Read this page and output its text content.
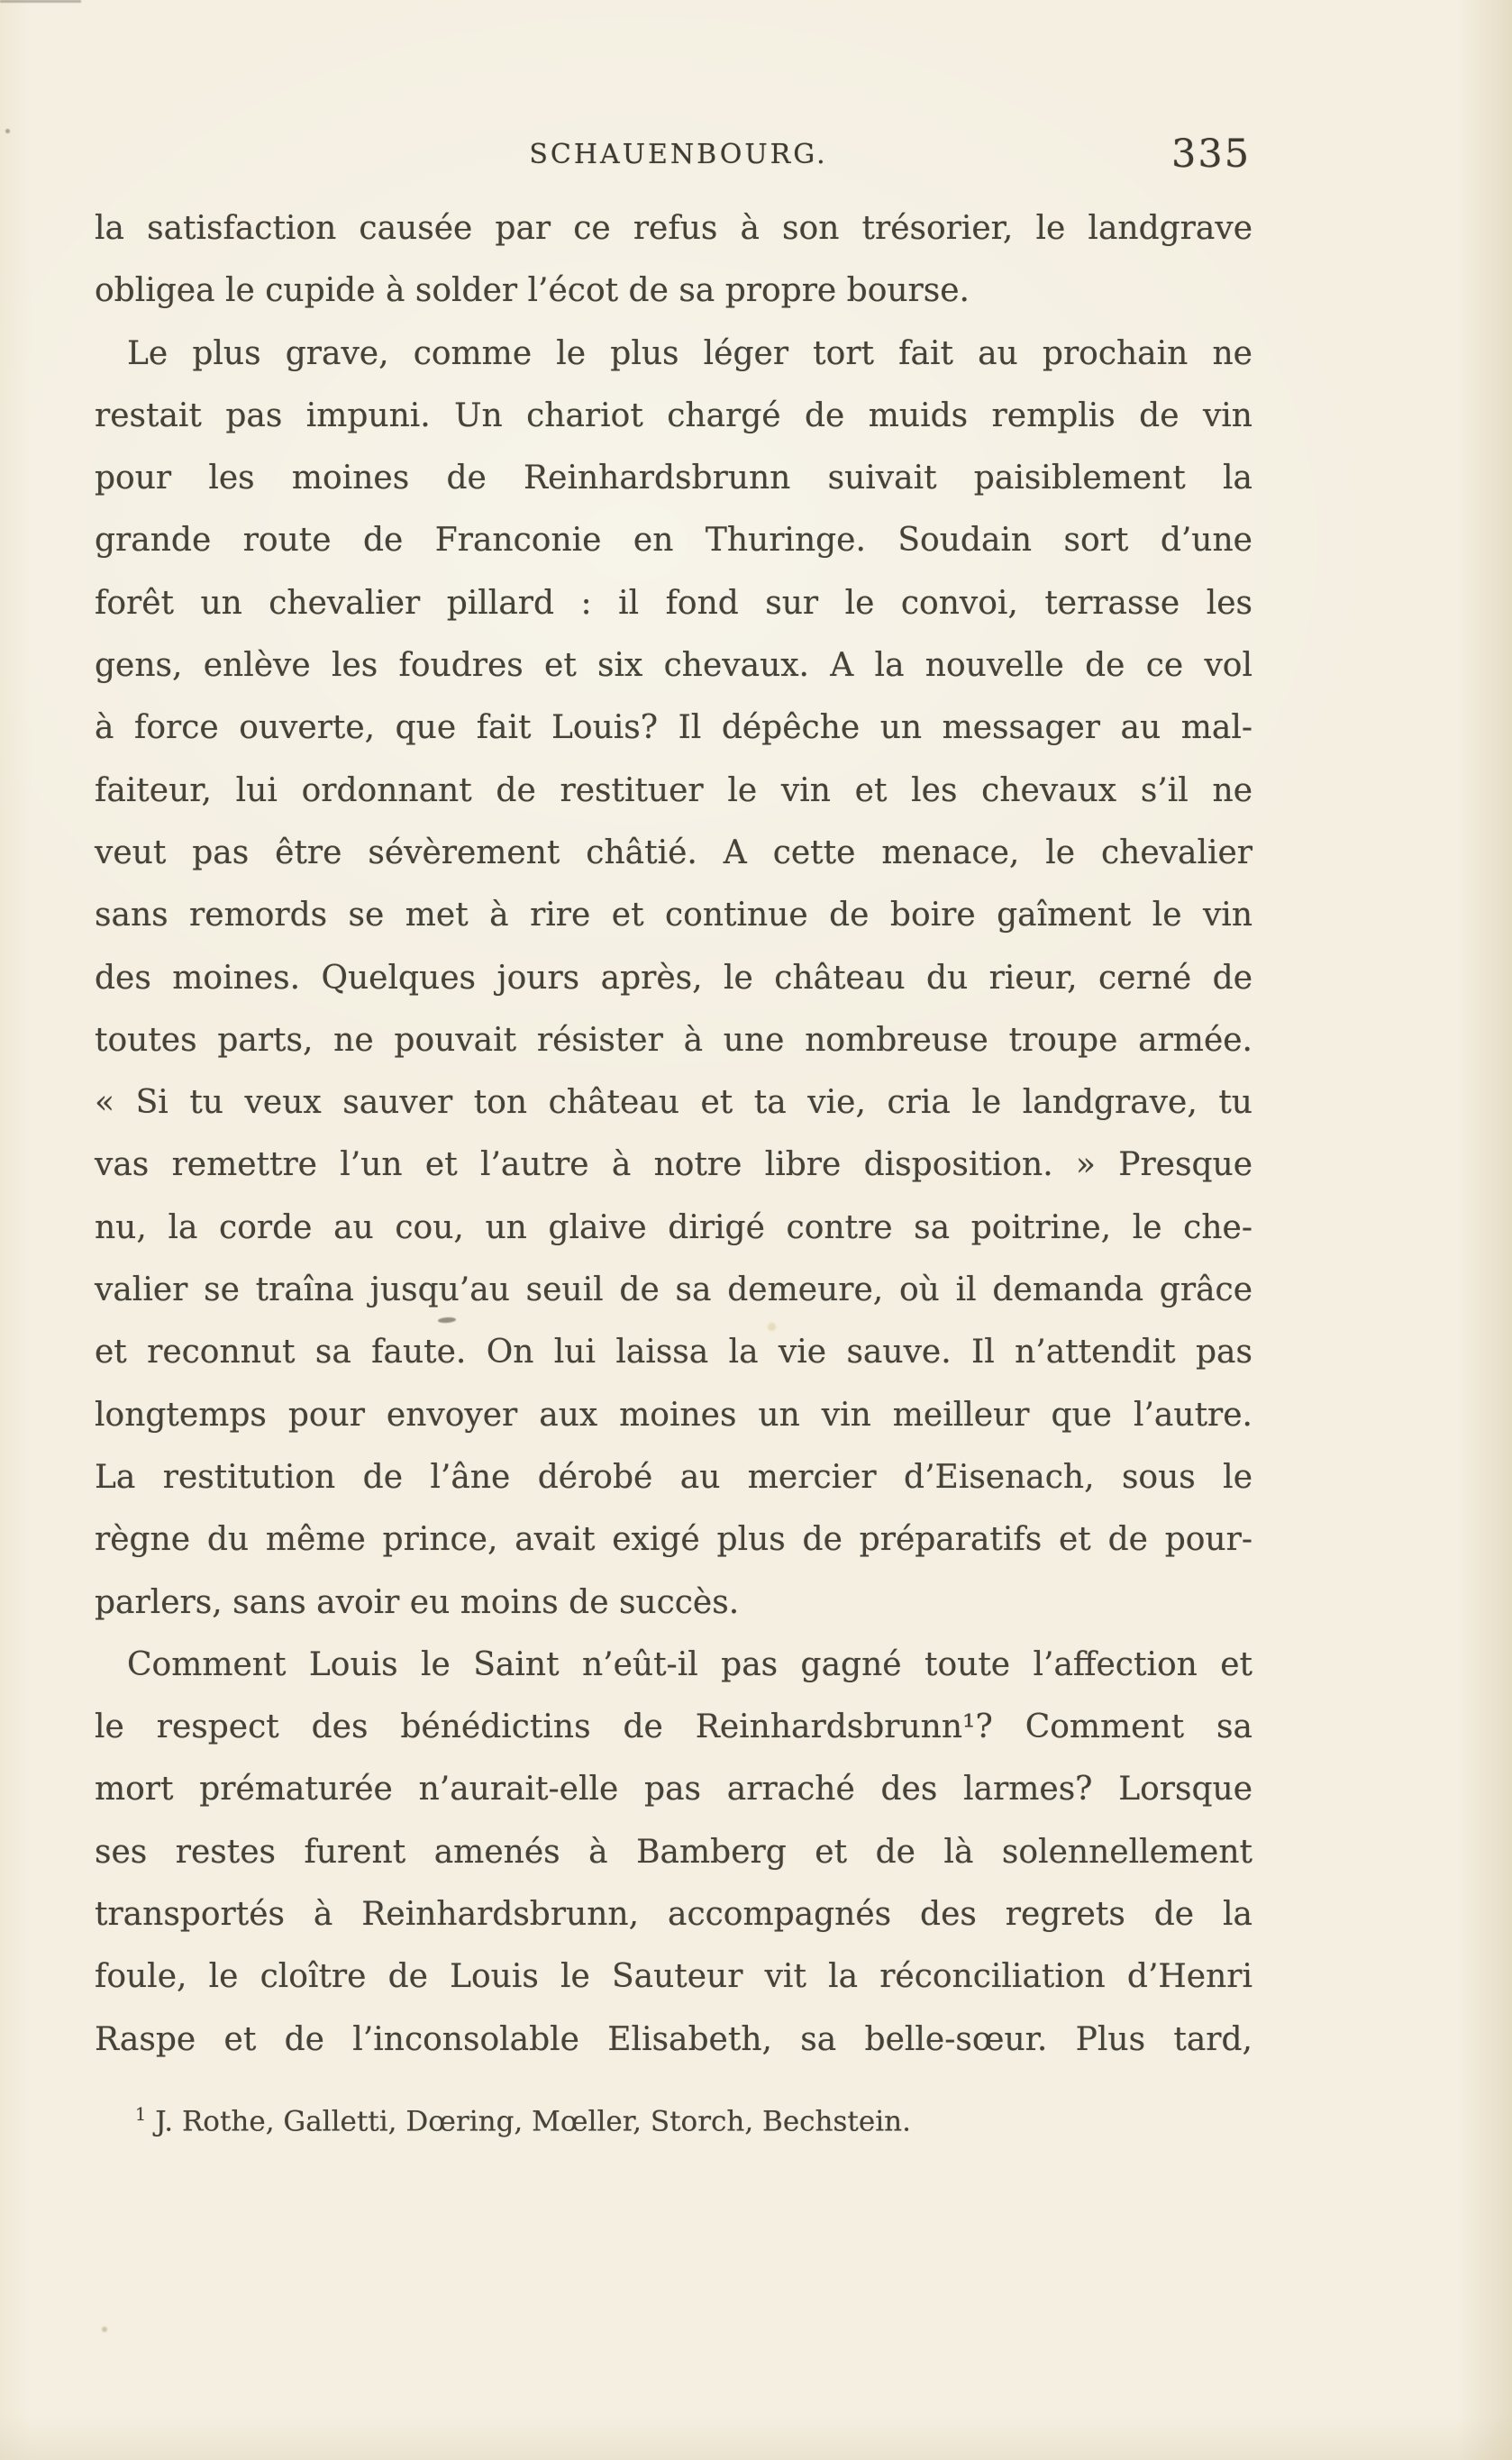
SCHAUENBOURG.	335
la satisfaction causée par ce refus à son trésorier, le landgrave
obligea le cupide à solder l’écot de sa propre bourse.
Le plus grave, comme le plus léger tort fait au prochain ne
restait pas impuni. Un chariot chargé de muids remplis de vin
pour les moines de Reinhardsbrunn suivait paisiblement la
grande route de Franconie en Thuringe. Soudain sort d’une
forêt un chevalier pillard : il fond sur le convoi, terrasse les
gens, enlève les foudres et six chevaux. A la nouvelle de ce vol
à force ouverte, que fait Louis? Il dépêche un messager au mal-
faiteur, lui ordonnant de restituer le vin et les chevaux s’il ne
veut pas être sévèrement châtié. A cette menace, le chevalier
sans remords se met à rire et continue de boire gaîment le vin
des moines. Quelques jours après, le château du rieur, cerné de
toutes parts, ne pouvait résister à une nombreuse troupe armée.
« Si tu veux sauver ton château et ta vie, cria le landgrave, tu
vas remettre l’un et l’autre à notre libre disposition. » Presque
nu, la corde au cou, un glaive dirigé contre sa poitrine, le che-
valier se traîna jusqu’au seuil de sa demeure, où il demanda grâce
et reconnut sa faute. On lui laissa la vie sauve. Il n’attendit pas
longtemps pour envoyer aux moines un vin meilleur que l’autre.
La restitution de l’âne dérobé au mercier d’Eisenach, sous le
règne du même prince, avait exigé plus de préparatifs et de pour-
parlers, sans avoir eu moins de succès.
Comment Louis le Saint n’eût-il pas gagné toute l’affection et
le respect des bénédictins de Reinhardsbrunn¹? Comment sa
mort prématurée n’aurait-elle pas arraché des larmes? Lorsque
ses restes furent amenés à Bamberg et de là solennellement
transportés à Reinhardsbrunn, accompagnés des regrets de la
foule, le cloître de Louis le Sauteur vit la réconciliation d’Henri
Raspe et de l’inconsolable Elisabeth, sa belle-sœur. Plus tard,
$^1$ J. Rothe, Galletti, Dœring, Mœller, Storch, Bechstein.
